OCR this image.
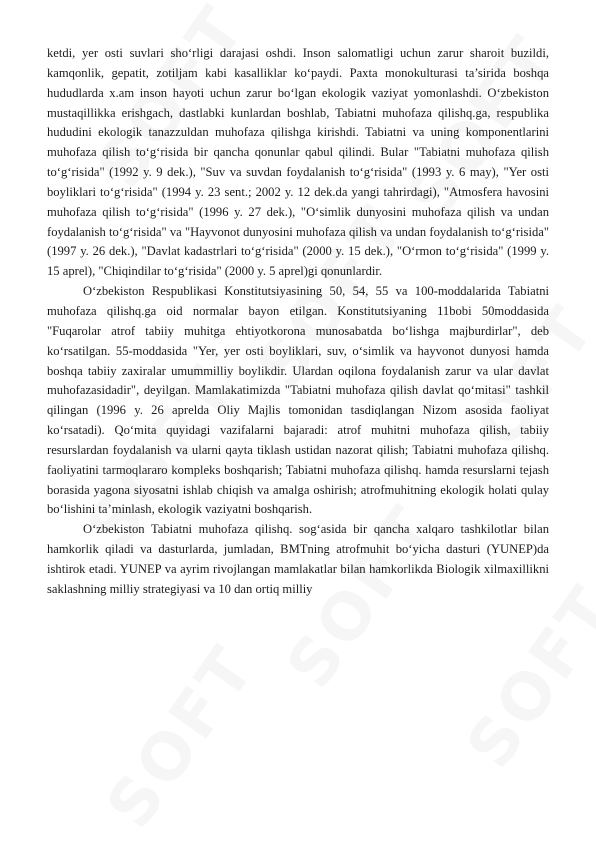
ketdi, yer osti suvlari sho‘rligi darajasi oshdi. Inson salomatligi uchun zarur sharoit buzildi, kamqonlik, gepatit, zotiljam kabi kasalliklar ko‘paydi. Paxta monokulturasi ta’sirida boshqa hududlarda x.am inson hayoti uchun zarur bo‘lgan ekologik vaziyat yomonlashdi. O‘zbekiston mustaqillikka erishgach, dastlabki kunlardan boshlab, Tabiatni muhofaza qilishq.ga, respublika hududini ekologik tanazzuldan muhofaza qilishga kirishdi. Tabiatni va uning komponentlarini muhofaza qilish to‘g‘risida bir qancha qonunlar qabul qilindi. Bular "Tabiatni muhofaza qilish to‘g‘risida" (1992 y. 9 dek.), "Suv va suvdan foydalanish to‘g‘risida" (1993 y. 6 may), "Yer osti boyliklari to‘g‘risida" (1994 y. 23 sent.; 2002 y. 12 dek.da yangi tahrirdagi), "Atmosfera havosini muhofaza qilish to‘g‘risida" (1996 y. 27 dek.), "O‘simlik dunyosini muhofaza qilish va undan foydalanish to‘g‘risida" va "Hayvonot dunyosini muhofaza qilish va undan foydalanish to‘g‘risida" (1997 y. 26 dek.), "Davlat kadastrlari to‘g‘risida" (2000 y. 15 dek.), "O‘rmon to‘g‘risida" (1999 y. 15 aprel), "Chiqindilar to‘g‘risida" (2000 y. 5 aprel)gi qonunlardir.

O‘zbekiston Respublikasi Konstitutsiyasining 50, 54, 55 va 100-moddalarida Tabiatni muhofaza qilishq.ga oid normalar bayon etilgan. Konstitutsiyaning 11bobi 50moddasida "Fuqarolar atrof tabiiy muhitga ehtiyotkorona munosabatda bo‘lishga majburdirlar", deb ko‘rsatilgan. 55-moddasida "Yer, yer osti boyliklari, suv, o‘simlik va hayvonot dunyosi hamda boshqa tabiiy zaxiralar umummilliy boylikdir. Ulardan oqilona foydalanish zarur va ular davlat muhofazasidadir", deyilgan. Mamlakatimizda "Tabiatni muhofaza qilish davlat qo‘mitasi" tashkil qilingan (1996 y. 26 aprelda Oliy Majlis tomonidan tasdiqlangan Nizom asosida faoliyat ko‘rsatadi). Qo‘mita quyidagi vazifalarni bajaradi: atrof muhitni muhofaza qilish, tabiiy resurslardan foydalanish va ularni qayta tiklash ustidan nazorat qilish; Tabiatni muhofaza qilishq. faoliyatini tarmoqlararo kompleks boshqarish; Tabiatni muhofaza qilishq. hamda resurslarni tejash borasida yagona siyosatni ishlab chiqish va amalga oshirish; atrofmuhitning ekologik holati qulay bo‘lishini ta’minlash, ekologik vaziyatni boshqarish.

O‘zbekiston Tabiatni muhofaza qilishq. sog‘asida bir qancha xalqaro tashkilotlar bilan hamkorlik qiladi va dasturlarda, jumladan, BMTning atrofmuhit bo‘yicha dasturi (YUNEP)da ishtirok etadi. YUNEP va ayrim rivojlangan mamlakatlar bilan hamkorlikda Biologik xilmaxillikni saklashning milliy strategiyasi va 10 dan ortiq milliy
